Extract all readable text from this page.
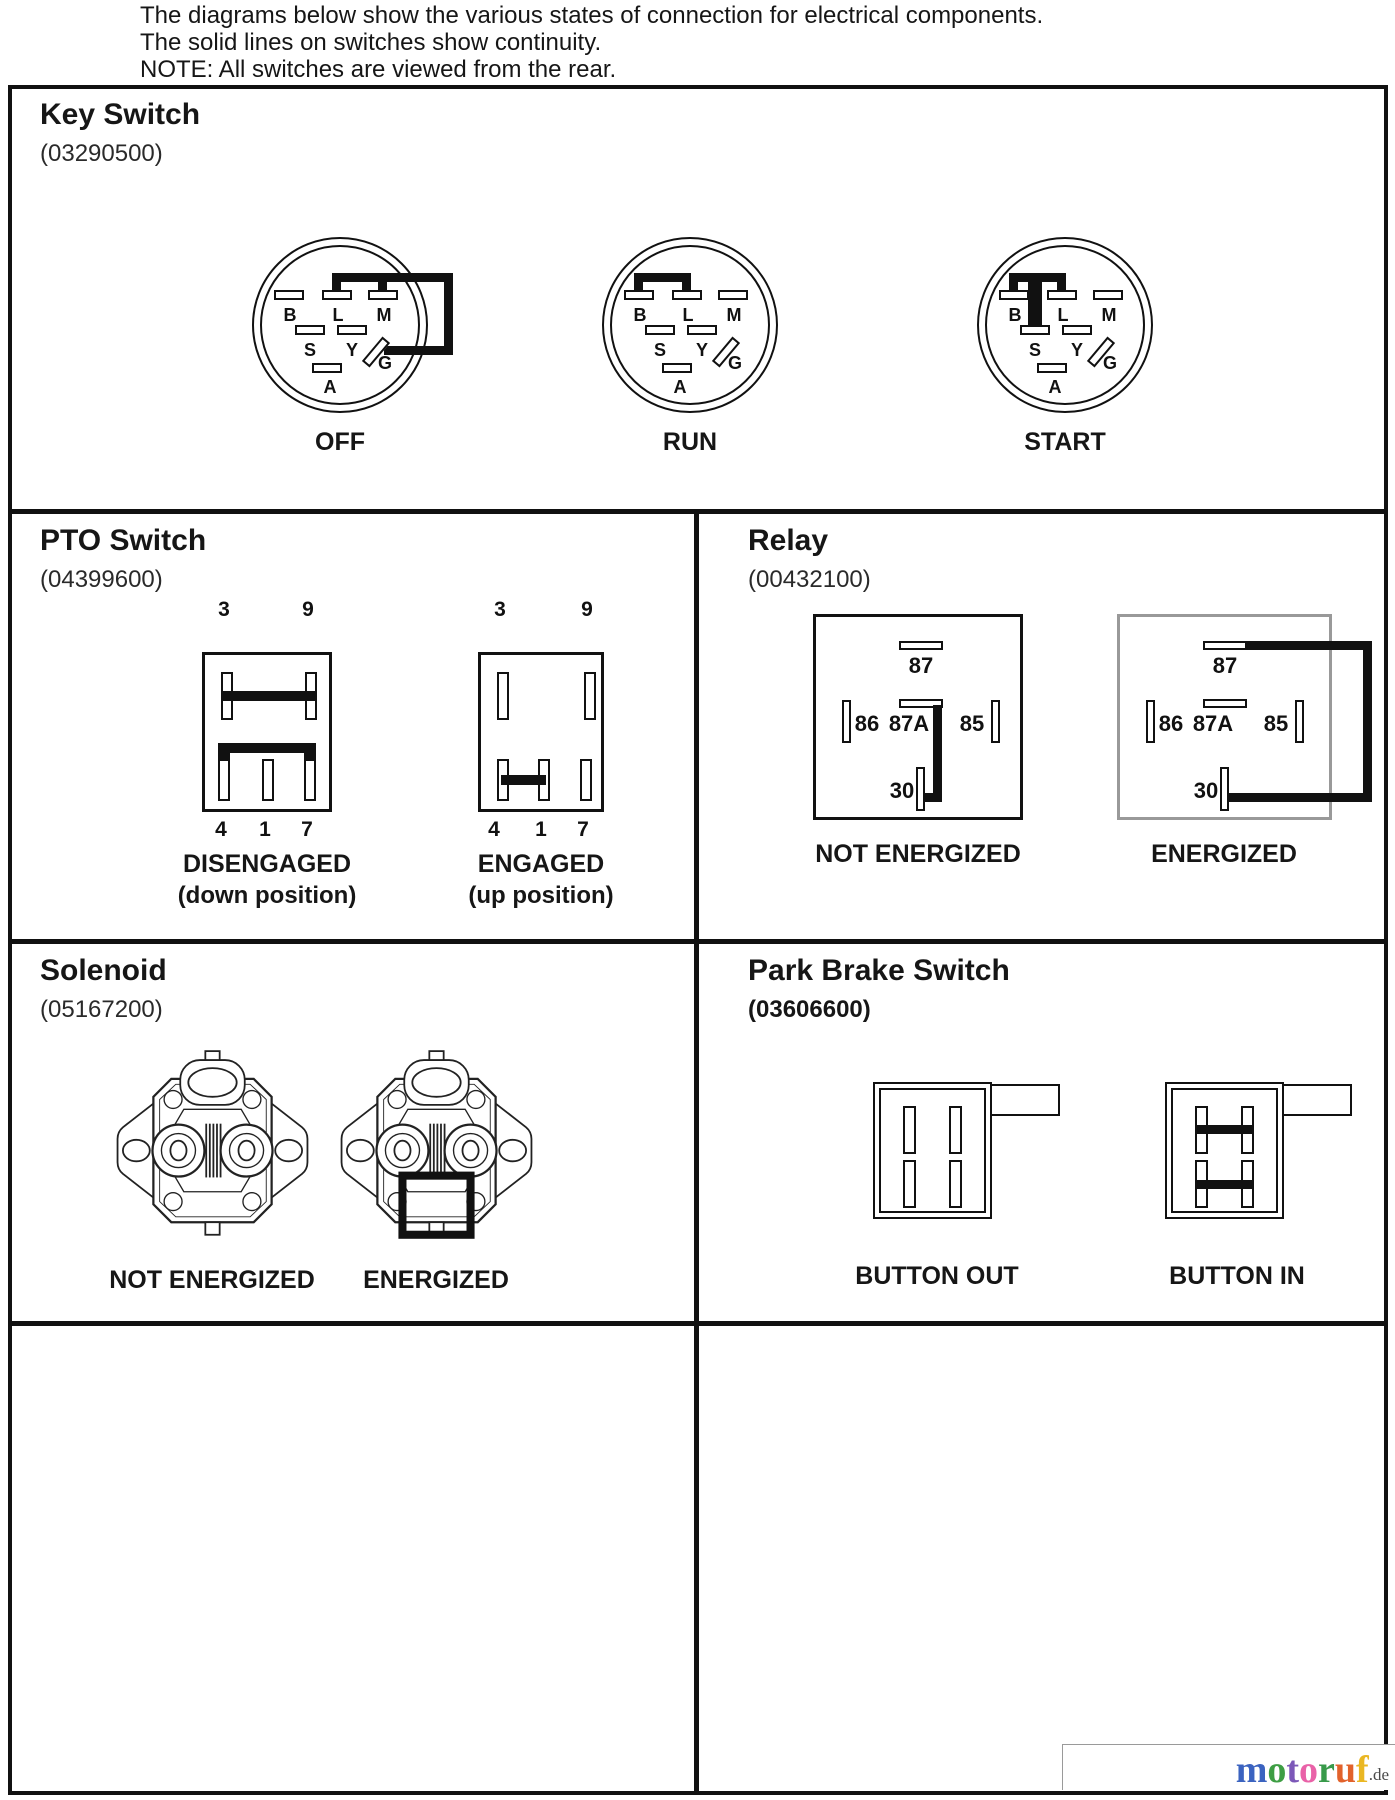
The diagrams below show the various states of connection for electrical components.
The solid lines on switches show continuity.
NOTE: All switches are viewed from the rear.
Key Switch
(03290500)
B L M
S Y
A
G
B L M
S Y
A
G
B L M
S Y
A
G
OFF	RUN	START
PTO Switch
(04399600)
3	9
4	1	7
DISENGAGED
(down position)
3	9
4	1	7
ENGAGED
(up position)
Relay
(00432100)
87
86 87A	85
30
NOT ENERGIZED
87
86 87A	85
30
ENERGIZED
Solenoid
(05167200)
NOT ENERGIZED	ENERGIZED
Park Brake Switch
(03606600)
BUTTON OUT	BUTTON IN
m o t o r u f .de
